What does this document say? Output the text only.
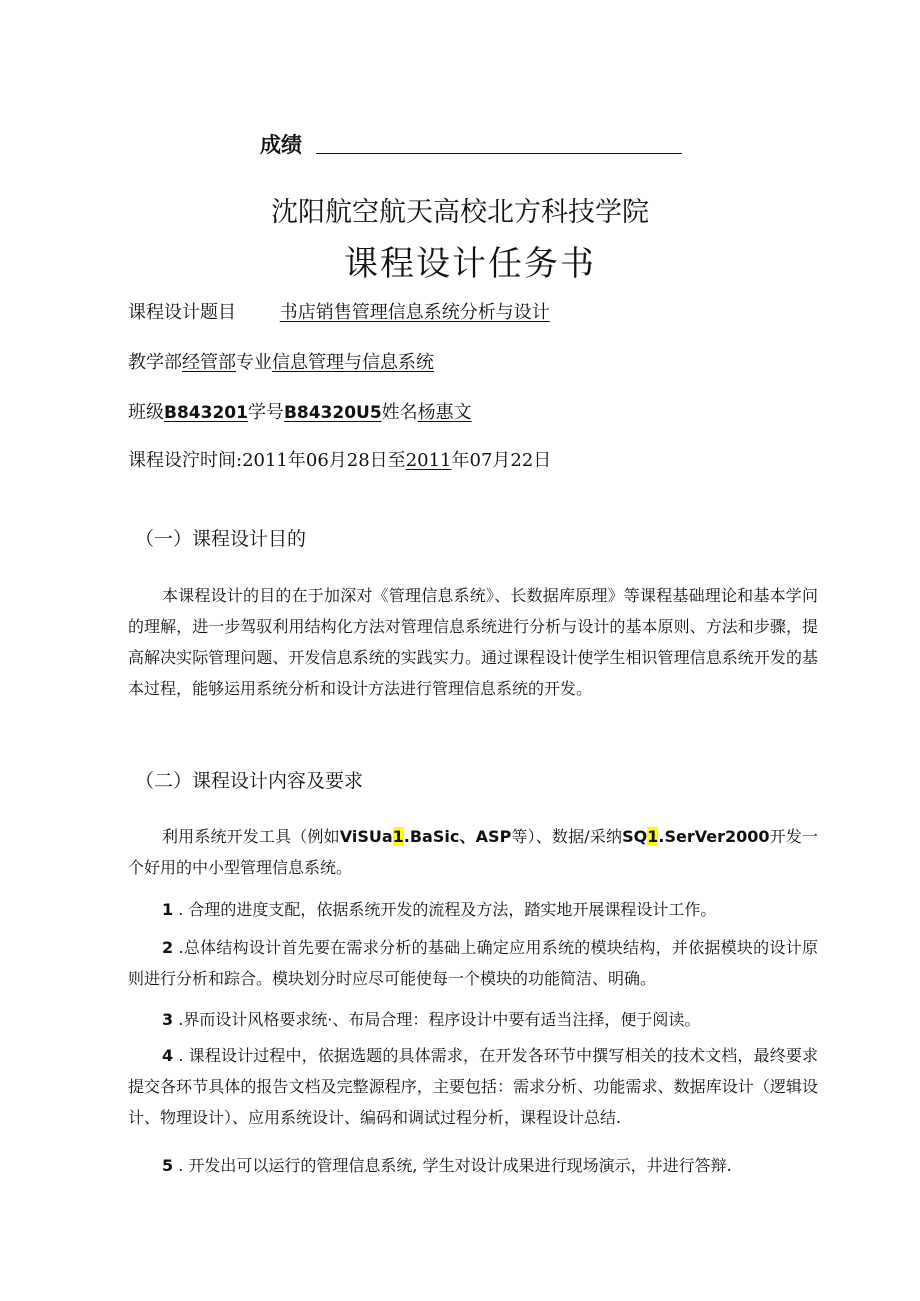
成绩
沈阳航空航天高校北方科技学院
课程设计任务书
课程设计题目 书店销售管理信息系统分析与设计
教学部经管部专业信息管理与信息系统
班级B843201学号B84320U5姓名杨惠文
课程设泞时间:2011年06月28日至2011年07月22日
（一）课程设计目的
本课程设计的目的在于加深对《管理信息系统》、长数据库原理》等课程基础理论和基本学问的理解，进一步驾驭利用结构化方法对管理信息系统进行分析与设计的基本原则、方法和步骤，提高解决实际管理问题、开发信息系统的实践实力。通过课程设计使学生相识管理信息系统开发的基本过程，能够运用系统分析和设计方法进行管理信息系统的开发。
（二）课程设计内容及要求
利用系统开发工具（例如ViSUa1.BaSic、ASP等）、数据/采纳SQ1.SerVer2000开发一个好用的中小型管理信息系统。
1 . 合理的进度支配，依据系统开发的流程及方法，踏实地开展课程设计工作。
2 .总体结构设计首先要在需求分析的基础上确定应用系统的模块结构，并依据模块的设计原则进行分析和踪合。模块划分时应尽可能使每一个模块的功能简洁、明确。
3 .界而设计风格要求统·、布局合理：程序设计中要有适当注择，便于阅读。
4 . 课程设计过程中，依据选题的具体需求，在开发各环节中撰写相关的技术文档，最终要求提交各环节具体的报告文档及完整源程序，主要包括：需求分析、功能需求、数据库设计（逻辑设计、物理设计）、应用系统设计、编码和调试过程分析，课程设计总结.
5 . 开发出可以运行的管理信息系统, 学生对设计成果进行现场演示，井进行答辩.
